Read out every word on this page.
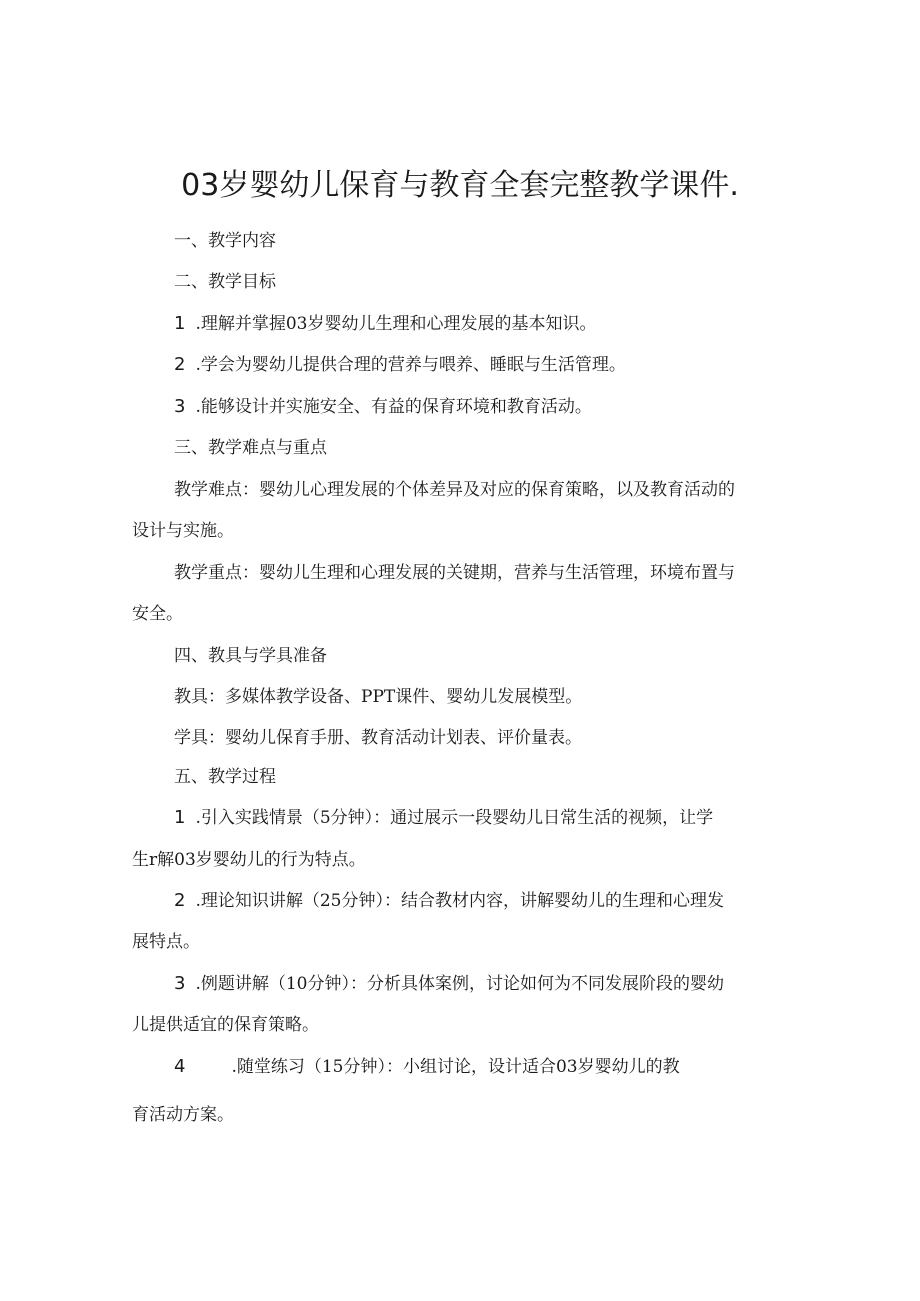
03岁婴幼儿保育与教育全套完整教学课件.
一、教学内容
二、教学目标
1 .理解并掌握03岁婴幼儿生理和心理发展的基本知识。
2 .学会为婴幼儿提供合理的营养与喂养、睡眠与生活管理。
3 .能够设计并实施安全、有益的保育环境和教育活动。
三、教学难点与重点
教学难点：婴幼儿心理发展的个体差异及对应的保育策略，以及教育活动的
设计与实施。
教学重点：婴幼儿生理和心理发展的关键期，营养与生活管理，环境布置与
安全。
四、教具与学具准备
教具：多媒体教学设备、PPT课件、婴幼儿发展模型。
学具：婴幼儿保育手册、教育活动计划表、评价量表。
五、教学过程
1 .引入实践情景（5分钟）：通过展示一段婴幼儿日常生活的视频，让学
生r解03岁婴幼儿的行为特点。
2 .理论知识讲解（25分钟）：结合教材内容，讲解婴幼儿的生理和心理发
展特点。
3 .例题讲解（10分钟）：分析具体案例，讨论如何为不同发展阶段的婴幼
儿提供适宜的保育策略。
4	.随堂练习（15分钟）：小组讨论，设计适合03岁婴幼儿的教
育活动方案。
